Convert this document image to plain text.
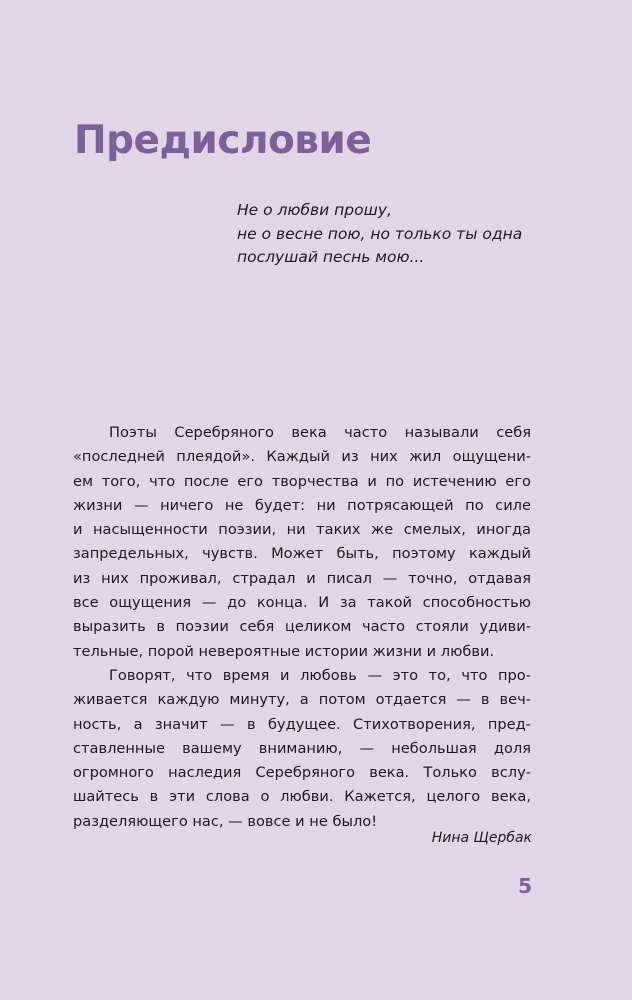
Предисловие
Не о любви прошу,
не о весне пою, но только ты одна
послушай песнь мою...
Поэты Серебряного века часто называли себя
«последней плеядой». Каждый из них жил ощущени-
ем того, что после его творчества и по истечению его
жизни — ничего не будет: ни потрясающей по силе
и насыщенности поэзии, ни таких же смелых, иногда
запредельных, чувств. Может быть, поэтому каждый
из них проживал, страдал и писал — точно, отдавая
все ощущения — до конца. И за такой способностью
выразить в поэзии себя целиком часто стояли удиви-
тельные, порой невероятные истории жизни и любви.
Говорят, что время и любовь — это то, что про-
живается каждую минуту, а потом отдается — в веч-
ность, а значит — в будущее. Стихотворения, пред-
ставленные вашему вниманию, — небольшая доля
огромного наследия Серебряного века. Только вслу-
шайтесь в эти слова о любви. Кажется, целого века,
разделяющего нас, — вовсе и не было!
Нина Щербак
5
